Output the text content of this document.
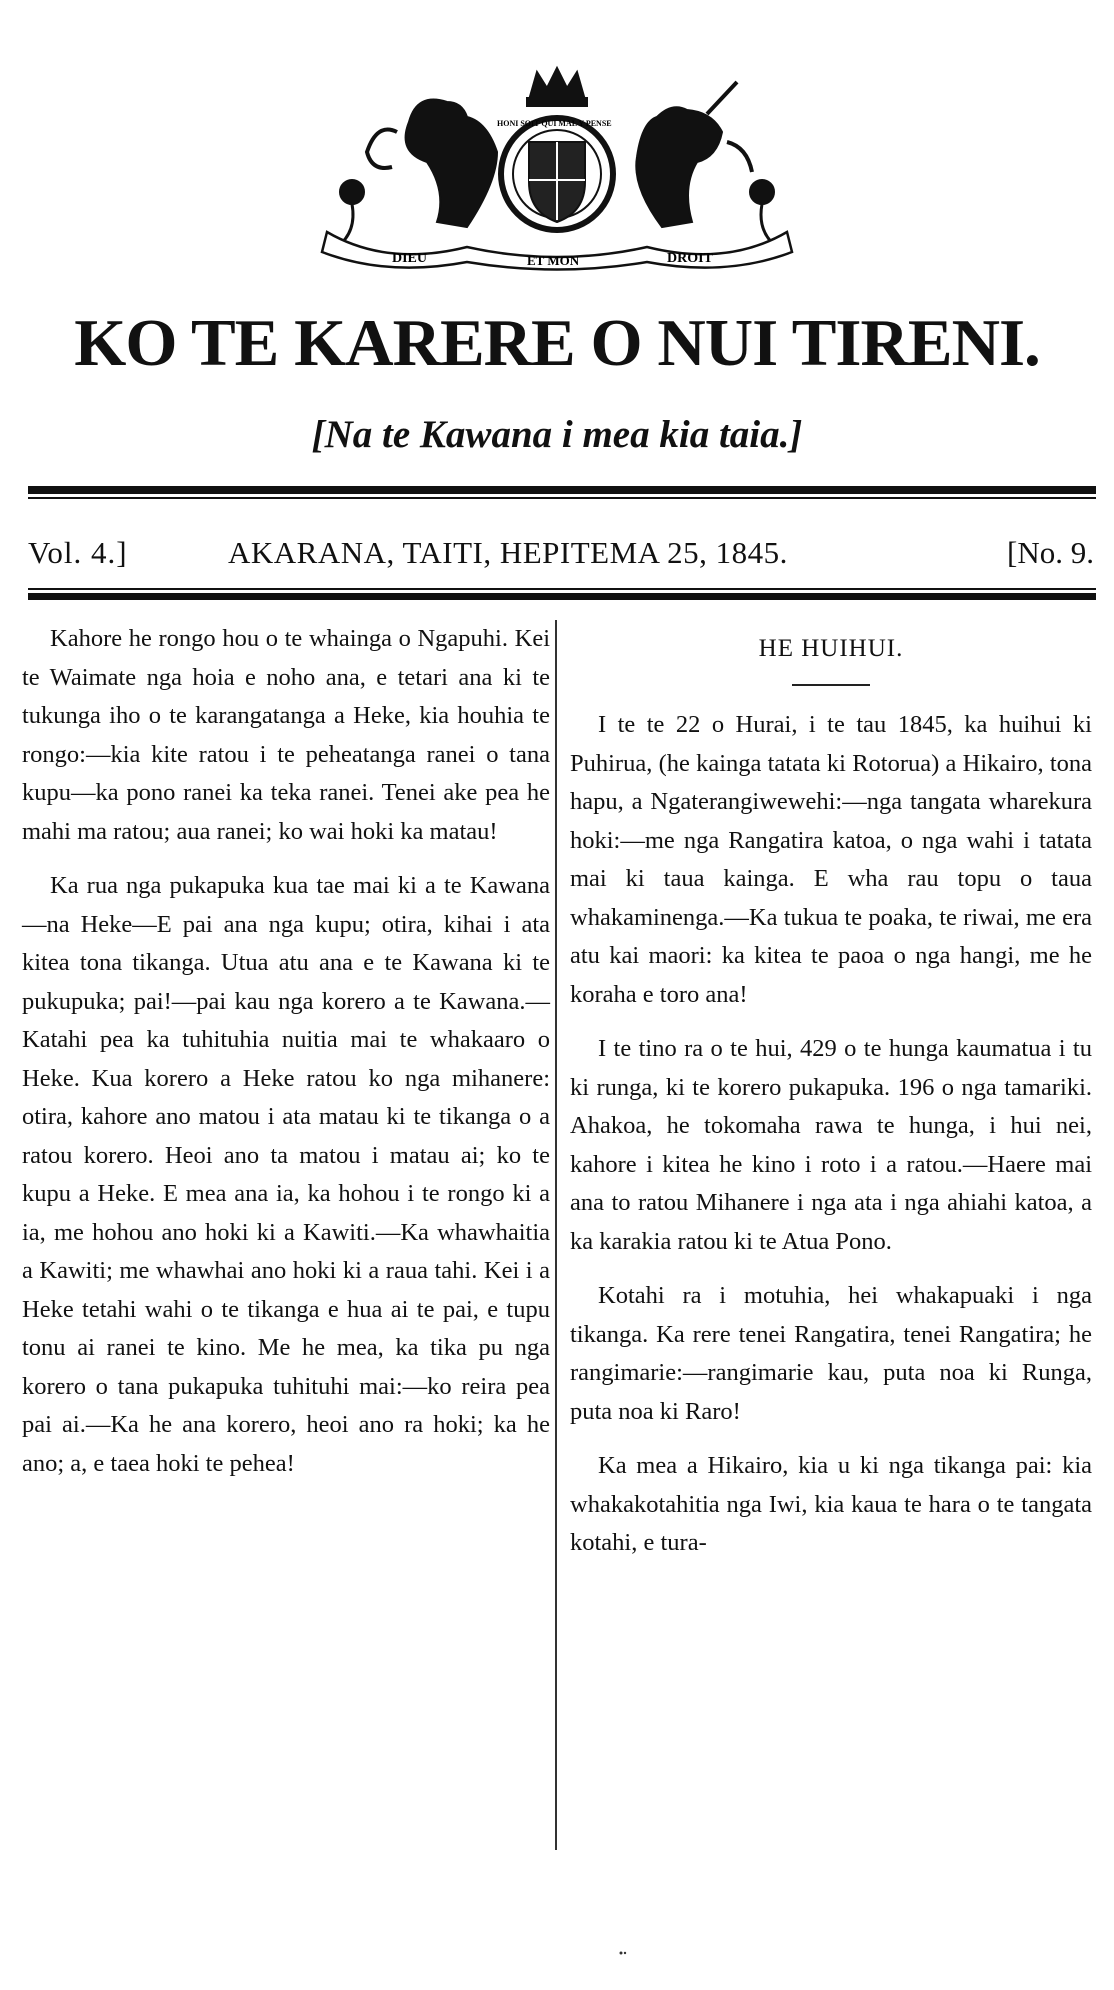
DIEU	ET MON	DROIT
HONI SOIT QUI MAL Y PENSE
KO TE KARERE O NUI TIRENI.
[Na te Kawana i mea kia taia.]
Vol. 4.]	AKARANA, TAITI, HEPITEMA 25, 1845.	[No. 9.

Kahore he rongo hou o te whainga o Ngapuhi. Kei te Waimate nga hoia e noho ana, e tetari ana ki te tukunga iho o te karangatanga a Heke, kia houhia te rongo:—kia kite ratou i te peheatanga ranei o tana kupu—ka pono ranei ka teka ranei. Tenei ake pea he mahi ma ratou; aua ranei; ko wai hoki ka matau!

Ka rua nga pukapuka kua tae mai ki a te Kawana—na Heke—E pai ana nga kupu; otira, kihai i ata kitea tona tikanga. Utua atu ana e te Kawana ki te pukupuka; pai!—pai kau nga korero a te Kawana.—Katahi pea ka tuhituhia nuitia mai te whakaaro o Heke. Kua korero a Heke ratou ko nga mihanere: otira, kahore ano matou i ata matau ki te tikanga o a ratou korero. Heoi ano ta matou i matau ai; ko te kupu a Heke. E mea ana ia, ka hohou i te rongo ki a ia, me hohou ano hoki ki a Kawiti.—Ka whawhaitia a Kawiti; me whawhai ano hoki ki a raua tahi. Kei i a Heke tetahi wahi o te tikanga e hua ai te pai, e tupu tonu ai ranei te kino. Me he mea, ka tika pu nga korero o tana pukapuka tuhituhi mai:—ko reira pea pai ai.—Ka he ana korero, heoi ano ra hoki; ka he ano; a, e taea hoki te pehea!

HE HUIHUI.

I te te 22 o Hurai, i te tau 1845, ka huihui ki Puhirua, (he kainga tatata ki Rotorua) a Hikairo, tona hapu, a Ngaterangiwewehi:—nga tangata wharekura hoki:—me nga Rangatira katoa, o nga wahi i tatata mai ki taua kainga. E wha rau topu o taua whakaminenga.—Ka tukua te poaka, te riwai, me era atu kai maori: ka kitea te paoa o nga hangi, me he koraha e toro ana!

I te tino ra o te hui, 429 o te hunga kaumatua i tu ki runga, ki te korero pukapuka. 196 o nga tamariki. Ahakoa, he tokomaha rawa te hunga, i hui nei, kahore i kitea he kino i roto i a ratou.—Haere mai ana to ratou Mihanere i nga ata i nga ahiahi katoa, a ka karakia ratou ki te Atua Pono.

Kotahi ra i motuhia, hei whakapuaki i nga tikanga. Ka rere tenei Rangatira, tenei Rangatira; he rangimarie:—rangimarie kau, puta noa ki Runga, puta noa ki Raro!

Ka mea a Hikairo, kia u ki nga tikanga pai: kia whakakotahitia nga Iwi, kia kaua te hara o te tangata kotahi, e tura-
